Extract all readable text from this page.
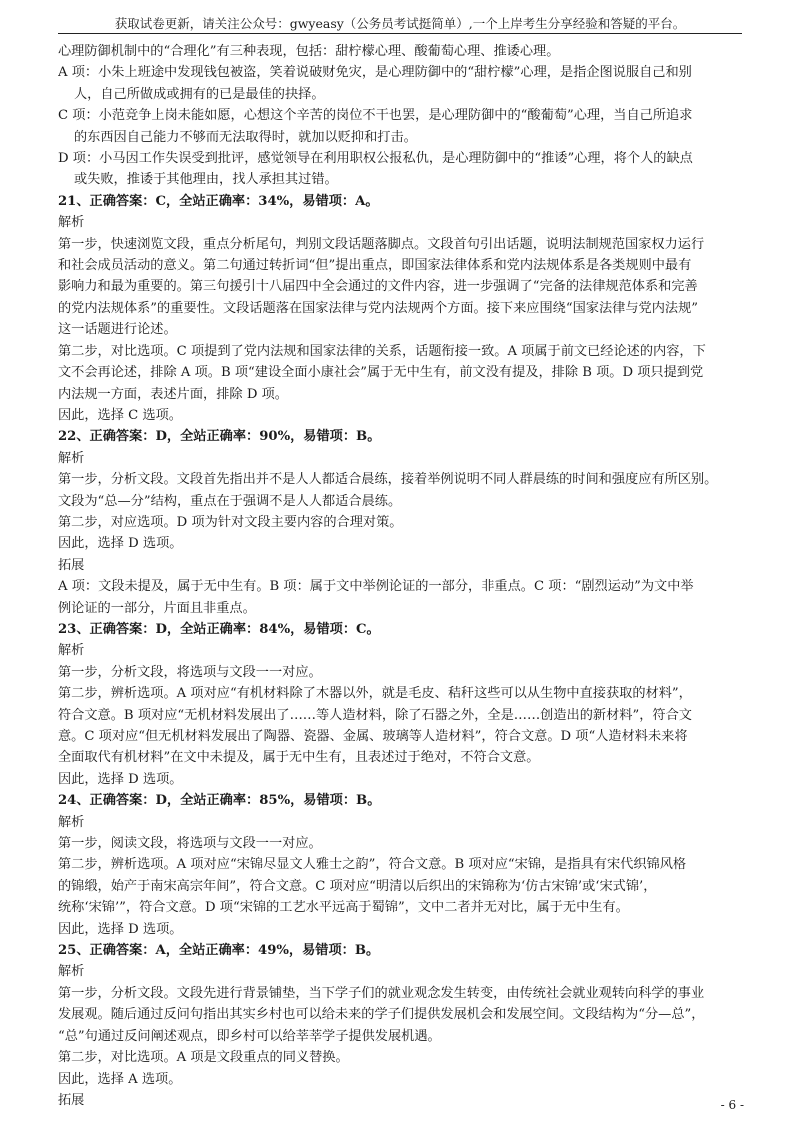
获取试卷更新，请关注公众号：gwyeasy（公务员考试挺简单）,一个上岸考生分享经验和答疑的平台。
心理防御机制中的“合理化”有三种表现，包括：甜柠檬心理、酸葡萄心理、推诿心理。
A 项：小朱上班途中发现钱包被盗，笑着说破财免灾，是心理防御中的“甜柠檬”心理，是指企图说服自己和别
人，自己所做成或拥有的已是最佳的抉择。
C 项：小范竞争上岗未能如愿，心想这个辛苦的岗位不干也罢，是心理防御中的“酸葡萄”心理，当自己所追求
的东西因自己能力不够而无法取得时，就加以贬抑和打击。
D 项：小马因工作失误受到批评，感觉领导在利用职权公报私仇，是心理防御中的“推诿”心理，将个人的缺点
或失败，推诿于其他理由，找人承担其过错。
21、正确答案：C，全站正确率：34%，易错项：A。
解析
第一步，快速浏览文段，重点分析尾句，判别文段话题落脚点。文段首句引出话题，说明法制规范国家权力运行
和社会成员活动的意义。第二句通过转折词“但”提出重点，即国家法律体系和党内法规体系是各类规则中最有
影响力和最为重要的。第三句援引十八届四中全会通过的文件内容，进一步强调了“完备的法律规范体系和完善
的党内法规体系”的重要性。文段话题落在国家法律与党内法规两个方面。接下来应围绕“国家法律与党内法规”
这一话题进行论述。
第二步，对比选项。C 项提到了党内法规和国家法律的关系，话题衔接一致。A 项属于前文已经论述的内容，下
文不会再论述，排除 A 项。B 项“建设全面小康社会”属于无中生有，前文没有提及，排除 B 项。D 项只提到党
内法规一方面，表述片面，排除 D 项。
因此，选择 C 选项。
22、正确答案：D，全站正确率：90%，易错项：B。
解析
第一步，分析文段。文段首先指出并不是人人都适合晨练，接着举例说明不同人群晨练的时间和强度应有所区别。
文段为“总—分”结构，重点在于强调不是人人都适合晨练。
第二步，对应选项。D 项为针对文段主要内容的合理对策。
因此，选择 D 选项。
拓展
A 项：文段未提及，属于无中生有。B 项：属于文中举例论证的一部分，非重点。C 项：“剧烈运动”为文中举
例论证的一部分，片面且非重点。
23、正确答案：D，全站正确率：84%，易错项：C。
解析
第一步，分析文段，将选项与文段一一对应。
第二步，辨析选项。A 项对应“有机材料除了木器以外，就是毛皮、秸秆这些可以从生物中直接获取的材料”，
符合文意。B 项对应“无机材料发展出了……等人造材料，除了石器之外，全是……创造出的新材料”，符合文
意。C 项对应“但无机材料发展出了陶器、瓷器、金属、玻璃等人造材料”，符合文意。D 项“人造材料未来将
全面取代有机材料”在文中未提及，属于无中生有，且表述过于绝对，不符合文意。
因此，选择 D 选项。
24、正确答案：D，全站正确率：85%，易错项：B。
解析
第一步，阅读文段，将选项与文段一一对应。
第二步，辨析选项。A 项对应“宋锦尽显文人雅士之韵”，符合文意。B 项对应“宋锦，是指具有宋代织锦风格
的锦缎，始产于南宋高宗年间”，符合文意。C 项对应“明清以后织出的宋锦称为‘仿古宋锦’或‘宋式锦’，
统称‘宋锦’”，符合文意。D 项“宋锦的工艺水平远高于蜀锦”，文中二者并无对比，属于无中生有。
因此，选择 D 选项。
25、正确答案：A，全站正确率：49%，易错项：B。
解析
第一步，分析文段。文段先进行背景铺垫，当下学子们的就业观念发生转变，由传统社会就业观转向科学的事业
发展观。随后通过反问句指出其实乡村也可以给未来的学子们提供发展机会和发展空间。文段结构为“分—总”，
“总”句通过反问阐述观点，即乡村可以给莘莘学子提供发展机遇。
第二步，对比选项。A 项是文段重点的同义替换。
因此，选择 A 选项。
拓展	- 6 -
